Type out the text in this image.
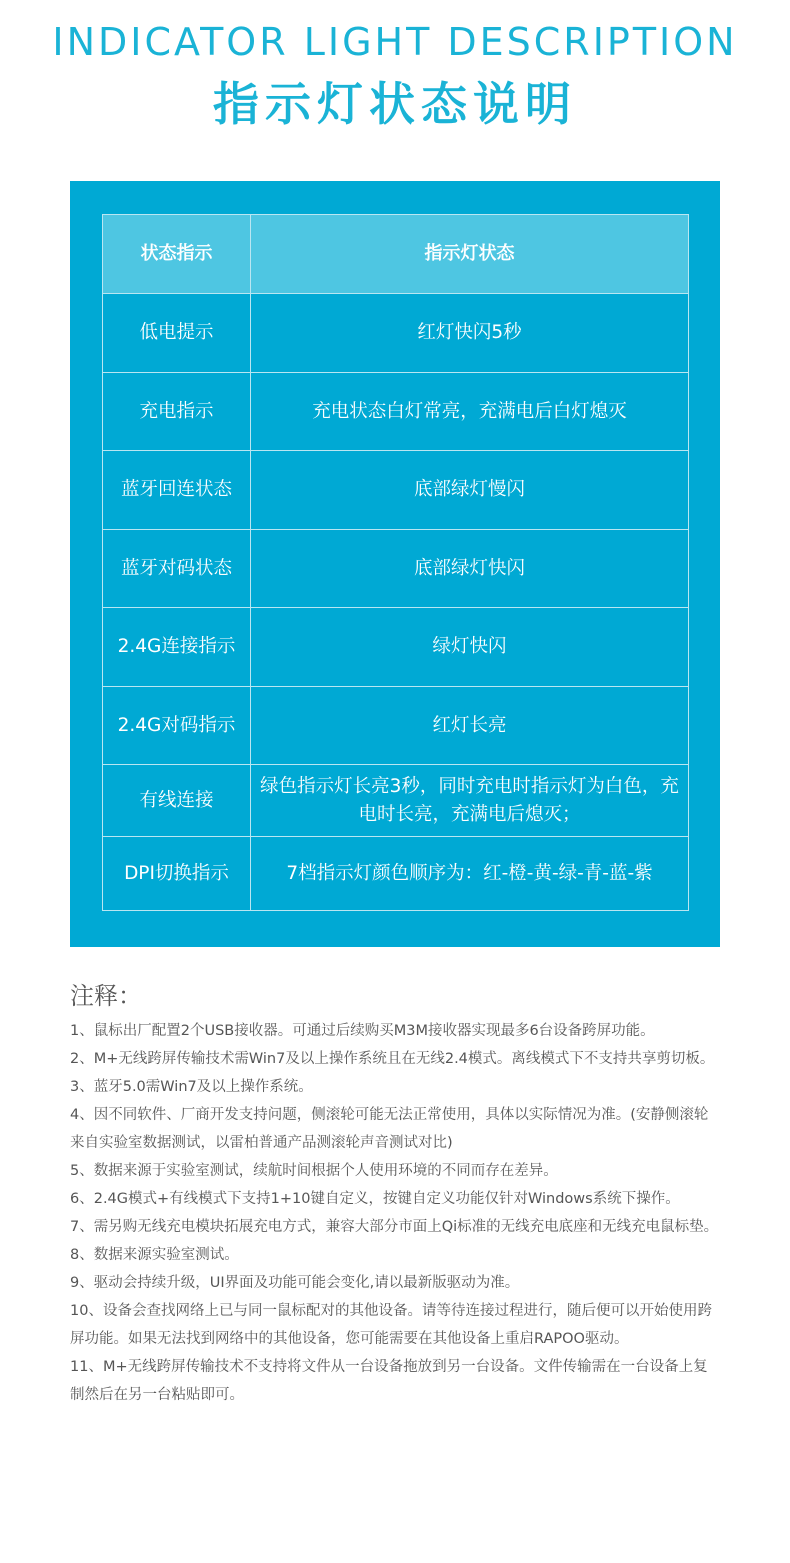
INDICATOR LIGHT DESCRIPTION
指示灯状态说明
状态指示	指示灯状态
低电提示	红灯快闪5秒
充电指示	充电状态白灯常亮，充满电后白灯熄灭
蓝牙回连状态	底部绿灯慢闪
蓝牙对码状态	底部绿灯快闪
2.4G连接指示	绿灯快闪
2.4G对码指示	红灯长亮
有线连接	绿色指示灯长亮3秒，同时充电时指示灯为白色，充电时长亮，充满电后熄灭；
DPI切换指示	7档指示灯颜色顺序为：红-橙-黄-绿-青-蓝-紫
注释：

1、鼠标出厂配置2个USB接收器。可通过后续购买M3M接收器实现最多6台设备跨屏功能。

2、M+无线跨屏传输技术需Win7及以上操作系统且在无线2.4模式。离线模式下不支持共享剪切板。

3、蓝牙5.0需Win7及以上操作系统。

4、因不同软件、厂商开发支持问题，侧滚轮可能无法正常使用，具体以实际情况为准。(安静侧滚轮来自实验室数据测试，以雷柏普通产品测滚轮声音测试对比)

5、数据来源于实验室测试，续航时间根据个人使用环境的不同而存在差异。

6、2.4G模式+有线模式下支持1+10键自定义，按键自定义功能仅针对Windows系统下操作。

7、需另购无线充电模块拓展充电方式，兼容大部分市面上Qi标准的无线充电底座和无线充电鼠标垫。

8、数据来源实验室测试。

9、驱动会持续升级，UI界面及功能可能会变化,请以最新版驱动为准。

10、设备会查找网络上已与同一鼠标配对的其他设备。请等待连接过程进行，随后便可以开始使用跨屏功能。如果无法找到网络中的其他设备，您可能需要在其他设备上重启RAPOO驱动。

11、M+无线跨屏传输技术不支持将文件从一台设备拖放到另一台设备。文件传输需在一台设备上复制然后在另一台粘贴即可。
